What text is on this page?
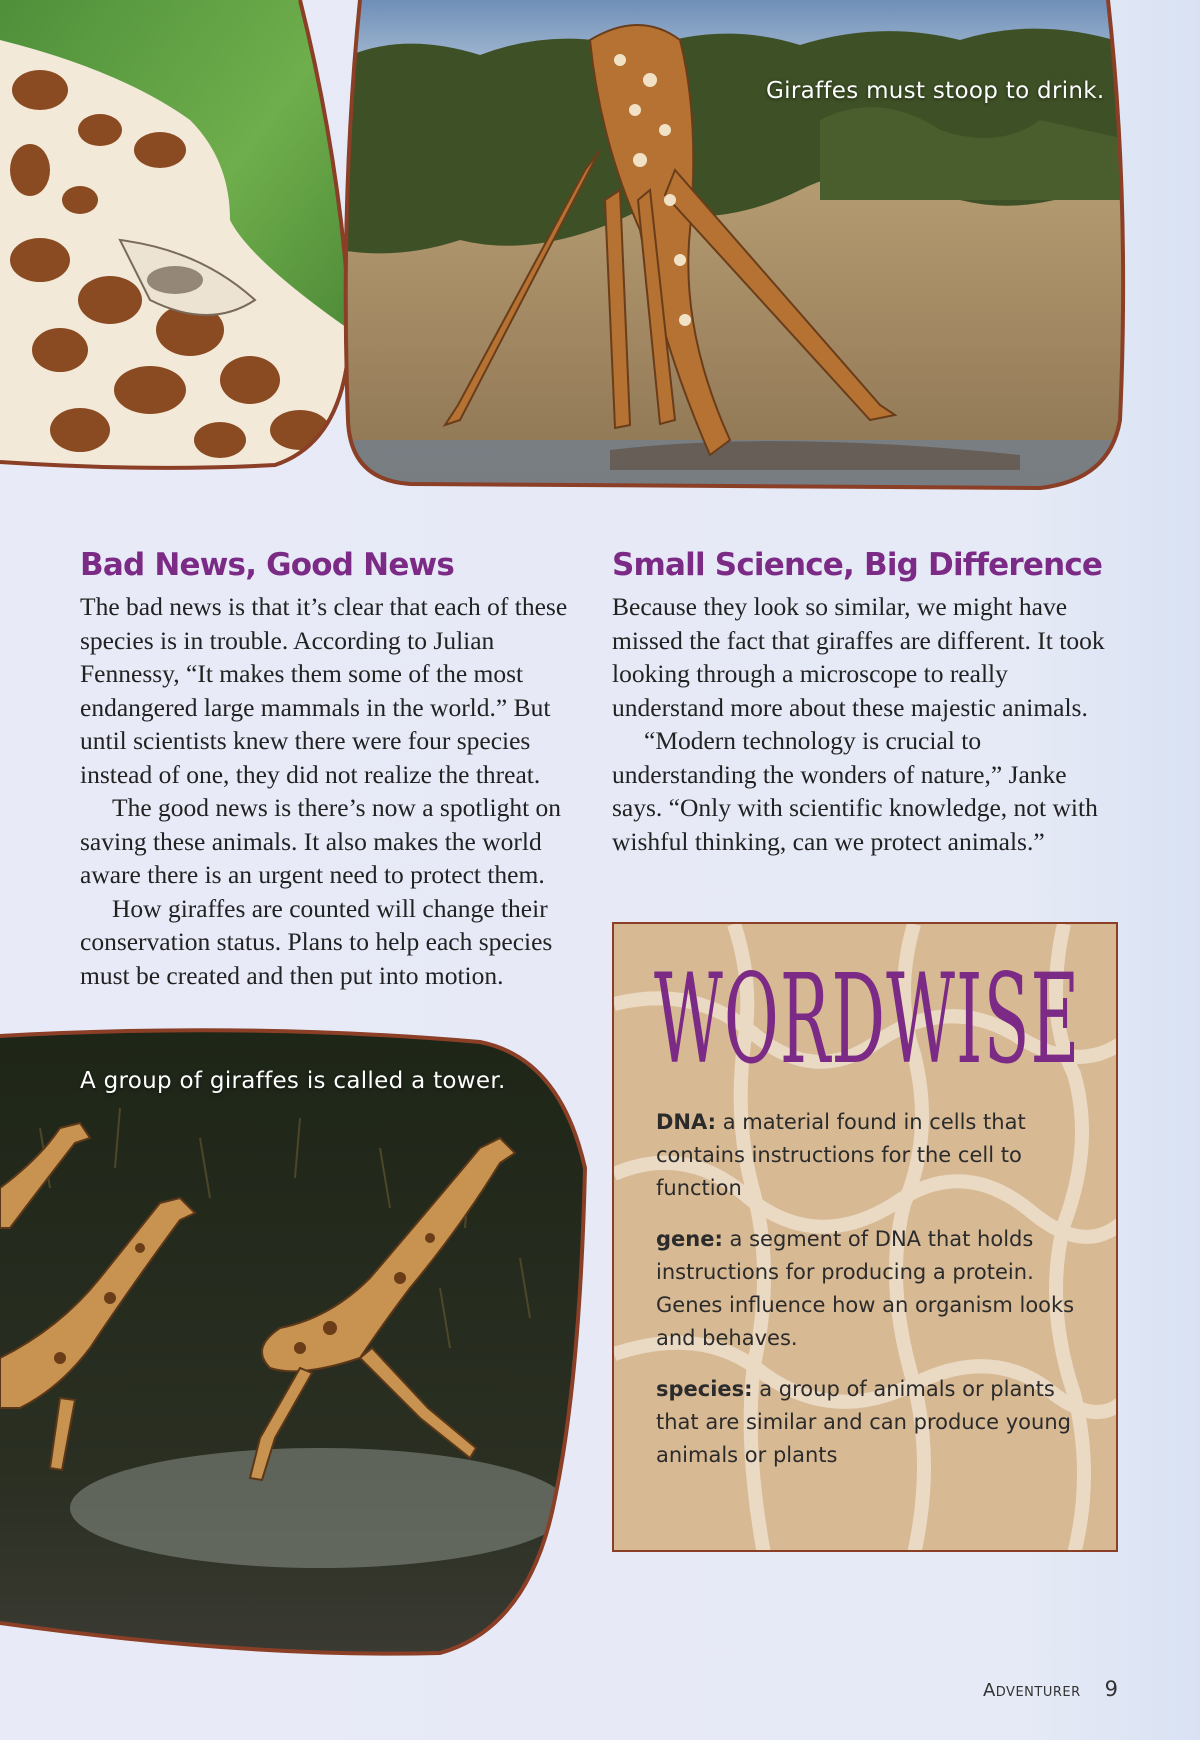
Giraffes must stoop to drink.
Bad News, Good News

The bad news is that it’s clear that each of these species is in trouble. According to Julian Fennessy, “It makes them some of the most endangered large mammals in the world.” But until scientists knew there were four species instead of one, they did not realize the threat.

The good news is there’s now a spotlight on saving these animals. It also makes the world aware there is an urgent need to protect them.

How giraffes are counted will change their conservation status. Plans to help each species must be created and then put into motion.

Small Science, Big Difference

Because they look so similar, we might have missed the fact that giraffes are different. It took looking through a microscope to really understand more about these majestic animals.

“Modern technology is crucial to understanding the wonders of nature,” Janke says. “Only with scientific knowledge, not with wishful thinking, can we protect animals.”

A group of giraffes is called a tower. WORDWISE

DNA: a material found in cells that contains instructions for the cell to function

gene: a segment of DNA that holds instructions for producing a protein. Genes influence how an organism looks and behaves.

species: a group of animals or plants that are similar and can produce young animals or plants

Adventurer 9
